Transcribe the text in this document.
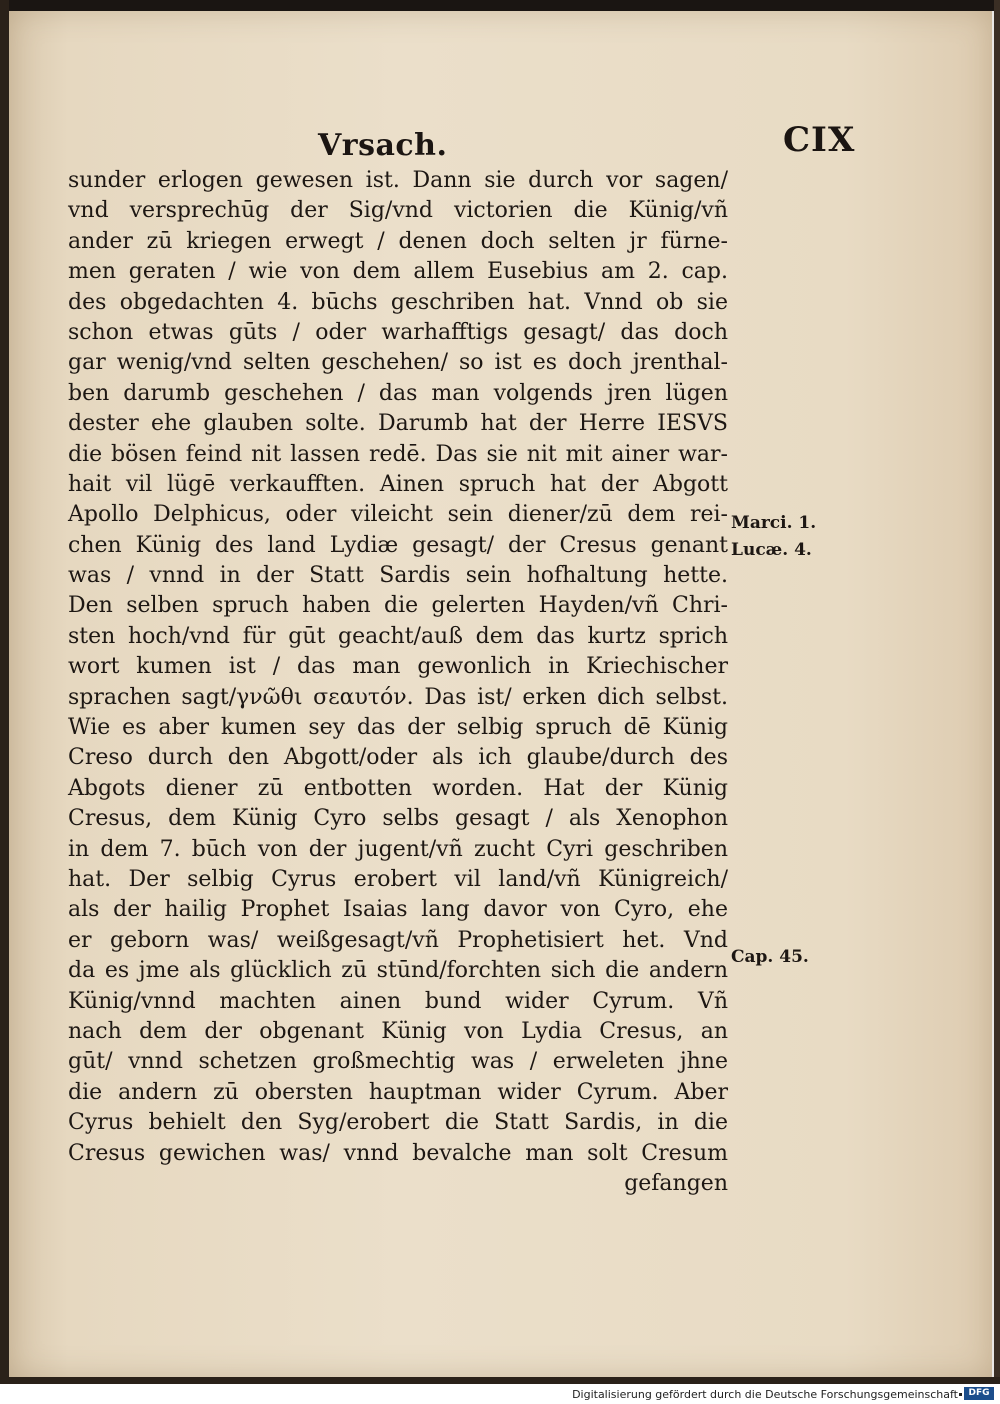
Vrsach.	CIX
sunder erlogen gewesen ist. Dann sie durch vor sagen/
vnd versprechūg der Sig/vnd victorien die Künig/vñ
ander zū kriegen erwegt / denen doch selten jr fürne-
men geraten / wie von dem allem Eusebius am 2. cap.
des obgedachten 4. būchs geschriben hat. Vnnd ob sie
schon etwas gūts / oder warhafftigs gesagt/ das doch
gar wenig/vnd selten geschehen/ so ist es doch jrenthal-
ben darumb geschehen / das man volgends jren lügen
dester ehe glauben solte. Darumb hat der Herre IESVS
die bösen feind nit lassen redē. Das sie nit mit ainer war-
hait vil lügē verkaufften. Ainen spruch hat der Abgott
Apollo Delphicus, oder vileicht sein diener/zū dem rei-
chen Künig des land Lydiæ gesagt/ der Cresus genant
was / vnnd in der Statt Sardis sein hofhaltung hette.
Den selben spruch haben die gelerten Hayden/vñ Chri-
sten hoch/vnd für gūt geacht/auß dem das kurtz sprich
wort kumen ist / das man gewonlich in Kriechischer
sprachen sagt/γνῶθι σεαυτόν. Das ist/ erken dich selbst.
Wie es aber kumen sey das der selbig spruch dē Künig
Creso durch den Abgott/oder als ich glaube/durch des
Abgots diener zū entbotten worden. Hat der Künig
Cresus, dem Künig Cyro selbs gesagt / als Xenophon
in dem 7. būch von der jugent/vñ zucht Cyri geschriben
hat. Der selbig Cyrus erobert vil land/vñ Künigreich/
als der hailig Prophet Isaias lang davor von Cyro, ehe
er geborn was/ weißgesagt/vñ Prophetisiert het. Vnd
da es jme als glücklich zū stūnd/forchten sich die andern
Künig/vnnd machten ainen bund wider Cyrum. Vñ
nach dem der obgenant Künig von Lydia Cresus, an
gūt/ vnnd schetzen großmechtig was / erweleten jhne
die andern zū obersten hauptman wider Cyrum. Aber
Cyrus behielt den Syg/erobert die Statt Sardis, in die
Cresus gewichen was/ vnnd bevalche man solt Cresum
gefangen
Marci. 1.
Lucæ. 4.
Cap. 45.
Digitalisierung gefördert durch die Deutsche Forschungsgemeinschaft	DFG
